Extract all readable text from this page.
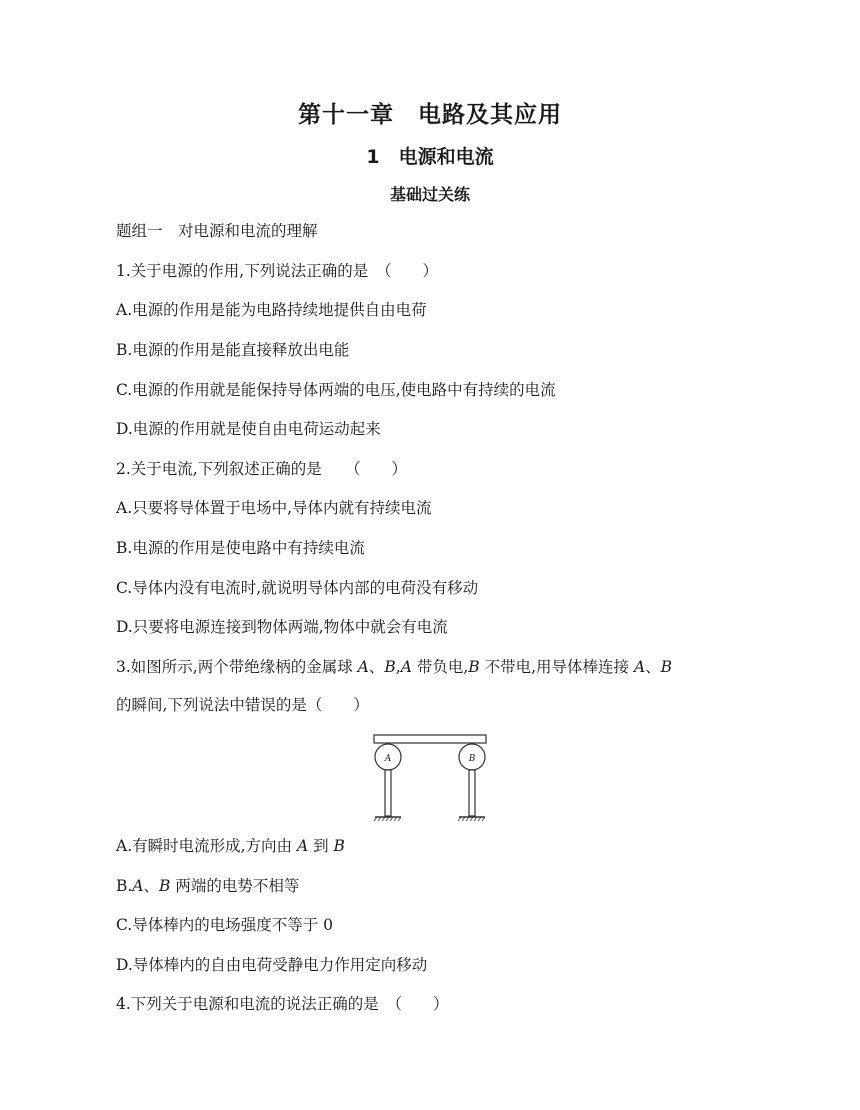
第十一章　电路及其应用
1　电源和电流
基础过关练
题组一　对电源和电流的理解
1.关于电源的作用,下列说法正确的是　（　　）
A.电源的作用是能为电路持续地提供自由电荷
B.电源的作用是能直接释放出电能
C.电源的作用就是能保持导体两端的电压,使电路中有持续的电流
D.电源的作用就是使自由电荷运动起来
2.关于电流,下列叙述正确的是　　（　　）
A.只要将导体置于电场中,导体内就有持续电流
B.电源的作用是使电路中有持续电流
C.导体内没有电流时,就说明导体内部的电荷没有移动
D.只要将电源连接到物体两端,物体中就会有电流
3.如图所示,两个带绝缘柄的金属球 A、B,A 带负电,B 不带电,用导体棒连接 A、B
的瞬间,下列说法中错误的是（　　）
A	B
A.有瞬时电流形成,方向由 A 到 B
B.A、B 两端的电势不相等
C.导体棒内的电场强度不等于 0
D.导体棒内的自由电荷受静电力作用定向移动
4.下列关于电源和电流的说法正确的是　（　　）
